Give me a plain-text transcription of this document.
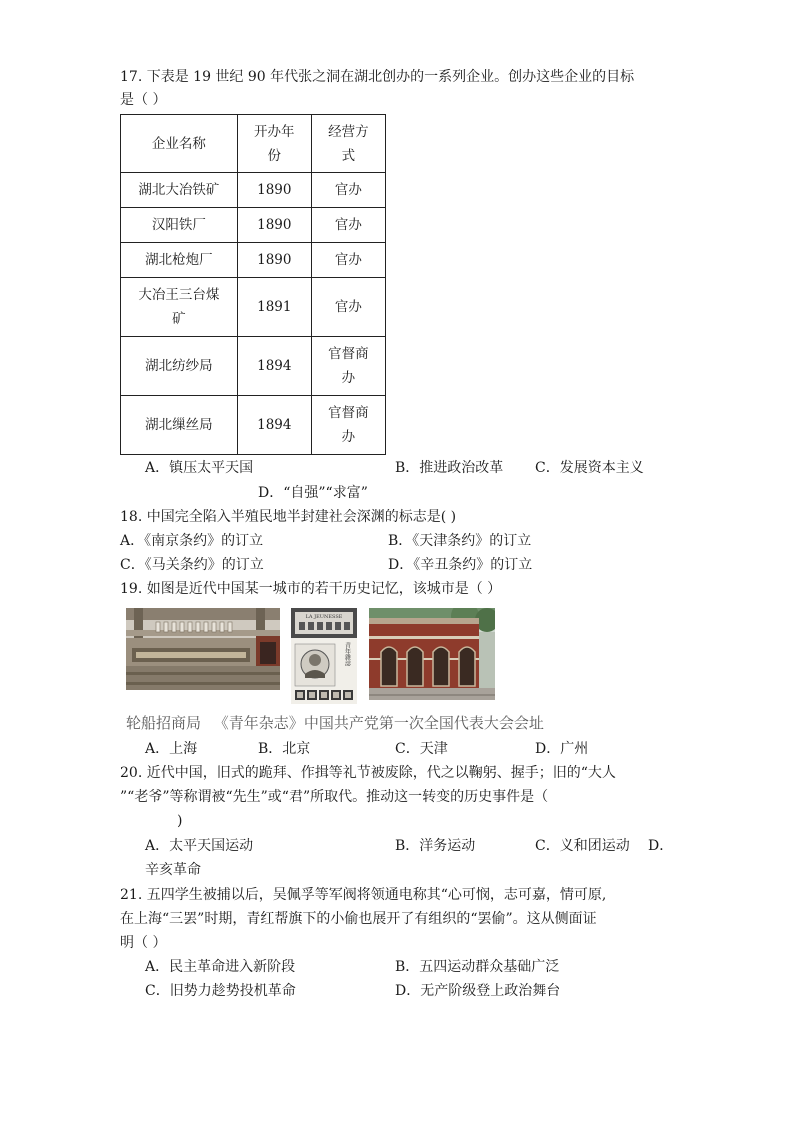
17. 下表是 19 世纪 90 年代张之洞在湖北创办的一系列企业。创办这些企业的目标
是（ ）
企业名称	开办年份	经营方式
湖北大冶铁矿	1890	官办
汉阳铁厂	1890	官办
湖北枪炮厂	1890	官办
大冶王三台煤矿	1891	官办
湖北纺纱局	1894	官督商办
湖北缫丝局	1894	官督商办
A．镇压太平天国	B．推进政治改革 C．发展资本主义
D．“自强”“求富”
18. 中国完全陷入半殖民地半封建社会深渊的标志是( )
A．《南京条约》的订立	B．《天津条约》的订立
C．《马关条约》的订立	D．《辛丑条约》的订立
19. 如图是近代中国某一城市的若干历史记忆，该城市是（ ）
LA JEUNESSE
青年雜誌
轮船招商局 《青年杂志》中国共产党第一次全国代表大会会址
A．上海	B．北京	C．天津	D．广州
20. 近代中国，旧式的跪拜、作揖等礼节被废除，代之以鞠躬、握手；旧的“大人
”“老爷”等称谓被“先生”或“君”所取代。推动这一转变的历史事件是（
)
A．太平天国运动	B．洋务运动	C．义和团运动 D．
辛亥革命
21. 五四学生被捕以后，吴佩孚等军阀将领通电称其“心可悯，志可嘉，情可原,
在上海“三罢”时期，青红帮旗下的小偷也展开了有组织的“罢偷”。这从侧面证
明（ ）
A．民主革命进入新阶段	B．五四运动群众基础广泛
C．旧势力趁势投机革命	D．无产阶级登上政治舞台
